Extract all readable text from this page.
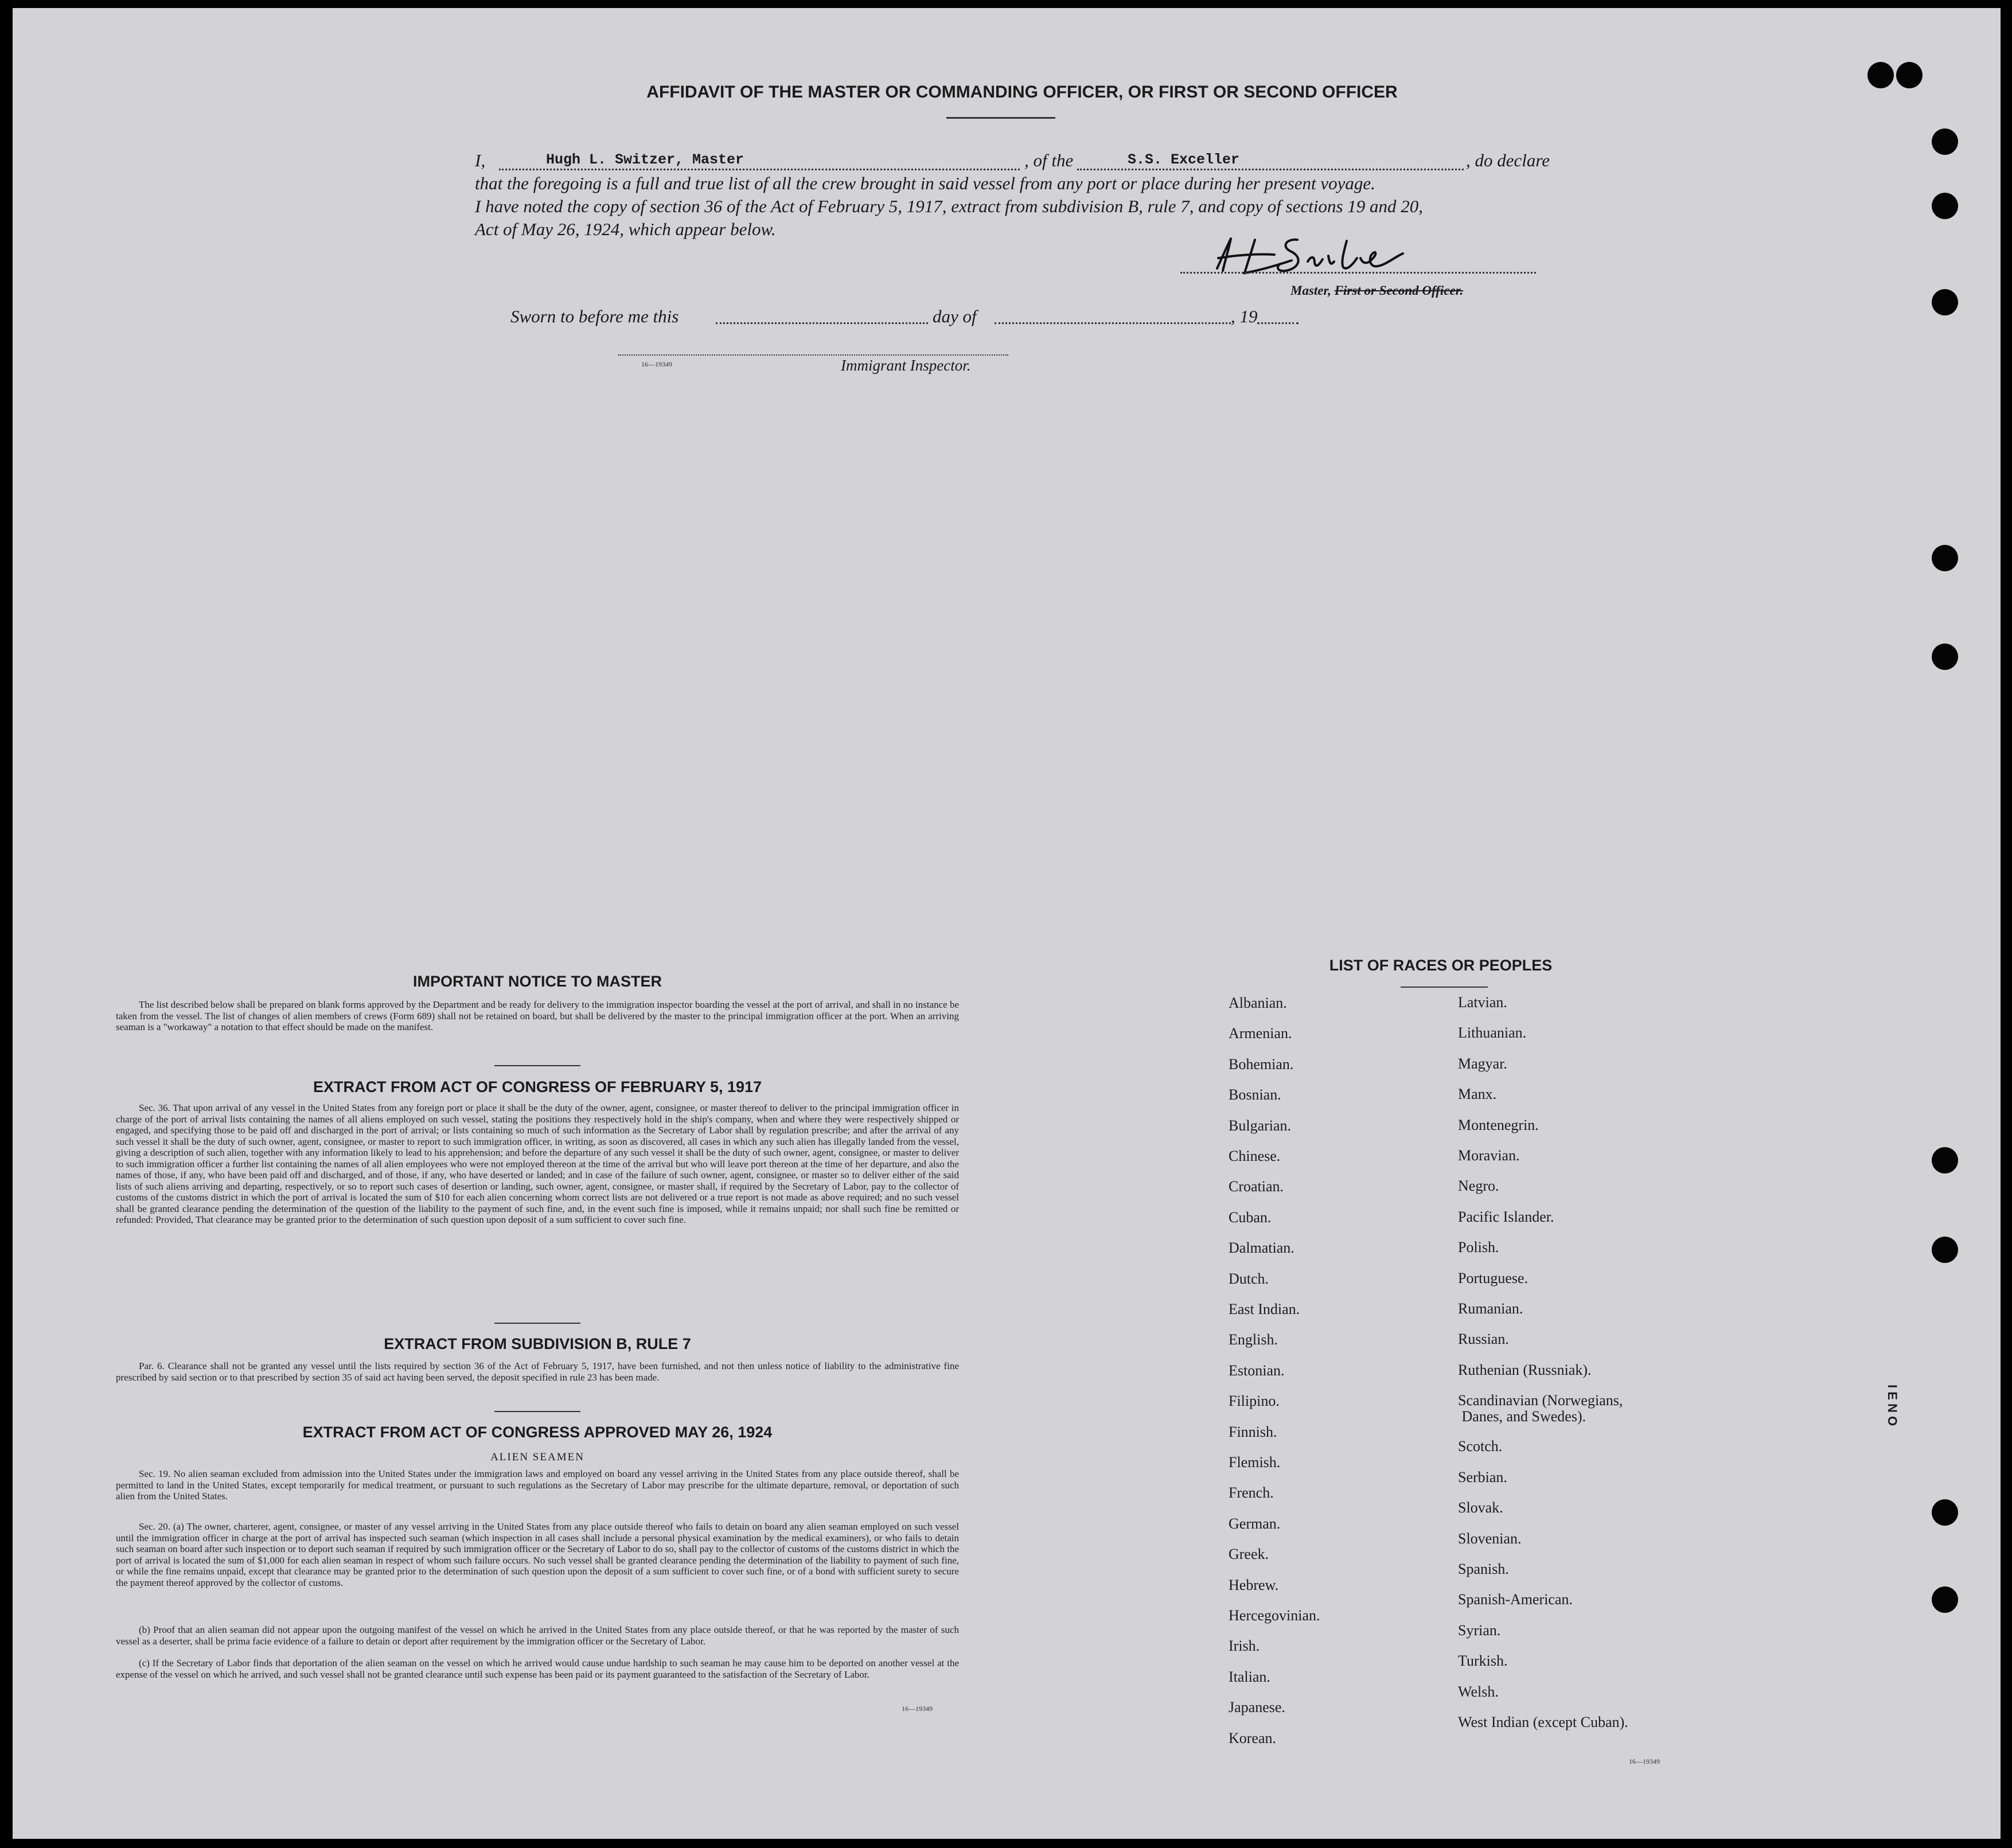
AFFIDAVIT OF THE MASTER OR COMMANDING OFFICER, OR FIRST OR SECOND OFFICER
I,	Hugh L. Switzer, Master	, of the	S.S. Exceller	, do declare
that the foregoing is a full and true list of all the crew brought in said vessel from any port or place during her present voyage.
I have noted the copy of section 36 of the Act of February 5, 1917, extract from subdivision B, rule 7, and copy of sections 19 and 20,
Act of May 26, 1924, which appear below.
Master, First or Second Officer.
Sworn to before me this	day of	, 19
16—19349	Immigrant Inspector.
IMPORTANT NOTICE TO MASTER
The list described below shall be prepared on blank forms approved by the Department and be ready for delivery to the immigration inspector boarding the vessel at the port of arrival, and shall in no instance be taken from the vessel. The list of changes of alien members of crews (Form 689) shall not be retained on board, but shall be delivered by the master to the principal immigration officer at the port. When an arriving seaman is a "workaway" a notation to that effect should be made on the manifest.
EXTRACT FROM ACT OF CONGRESS OF FEBRUARY 5, 1917
Sec. 36. That upon arrival of any vessel in the United States from any foreign port or place it shall be the duty of the owner, agent, consignee, or master thereof to deliver to the principal immigration officer in charge of the port of arrival lists containing the names of all aliens employed on such vessel, stating the positions they respectively hold in the ship's company, when and where they were respectively shipped or engaged, and specifying those to be paid off and discharged in the port of arrival; or lists containing so much of such information as the Secretary of Labor shall by regulation prescribe; and after the arrival of any such vessel it shall be the duty of such owner, agent, consignee, or master to report to such immigration officer, in writing, as soon as discovered, all cases in which any such alien has illegally landed from the vessel, giving a description of such alien, together with any information likely to lead to his apprehension; and before the departure of any such vessel it shall be the duty of such owner, agent, consignee, or master to deliver to such immigration officer a further list containing the names of all alien employees who were not employed thereon at the time of the arrival but who will leave port thereon at the time of her departure, and also the names of those, if any, who have been paid off and discharged, and of those, if any, who have deserted or landed; and in case of the failure of such owner, agent, consignee, or master so to deliver either of the said lists of such aliens arriving and departing, respectively, or so to report such cases of desertion or landing, such owner, agent, consignee, or master shall, if required by the Secretary of Labor, pay to the collector of customs of the customs district in which the port of arrival is located the sum of $10 for each alien concerning whom correct lists are not delivered or a true report is not made as above required; and no such vessel shall be granted clearance pending the determination of the question of the liability to the payment of such fine, and, in the event such fine is imposed, while it remains unpaid; nor shall such fine be remitted or refunded: Provided, That clearance may be granted prior to the determination of such question upon deposit of a sum sufficient to cover such fine.
EXTRACT FROM SUBDIVISION B, RULE 7
Par. 6. Clearance shall not be granted any vessel until the lists required by section 36 of the Act of February 5, 1917, have been furnished, and not then unless notice of liability to the administrative fine prescribed by said section or to that prescribed by section 35 of said act having been served, the deposit specified in rule 23 has been made.
EXTRACT FROM ACT OF CONGRESS APPROVED MAY 26, 1924
ALIEN SEAMEN
Sec. 19. No alien seaman excluded from admission into the United States under the immigration laws and employed on board any vessel arriving in the United States from any place outside thereof, shall be permitted to land in the United States, except temporarily for medical treatment, or pursuant to such regulations as the Secretary of Labor may prescribe for the ultimate departure, removal, or deportation of such alien from the United States.
Sec. 20. (a) The owner, charterer, agent, consignee, or master of any vessel arriving in the United States from any place outside thereof who fails to detain on board any alien seaman employed on such vessel until the immigration officer in charge at the port of arrival has inspected such seaman (which inspection in all cases shall include a personal physical examination by the medical examiners), or who fails to detain such seaman on board after such inspection or to deport such seaman if required by such immigration officer or the Secretary of Labor to do so, shall pay to the collector of customs of the customs district in which the port of arrival is located the sum of $1,000 for each alien seaman in respect of whom such failure occurs. No such vessel shall be granted clearance pending the determination of the liability to payment of such fine, or while the fine remains unpaid, except that clearance may be granted prior to the determination of such question upon the deposit of a sum sufficient to cover such fine, or of a bond with sufficient surety to secure the payment thereof approved by the collector of customs.
(b) Proof that an alien seaman did not appear upon the outgoing manifest of the vessel on which he arrived in the United States from any place outside thereof, or that he was reported by the master of such vessel as a deserter, shall be prima facie evidence of a failure to detain or deport after requirement by the immigration officer or the Secretary of Labor.
(c) If the Secretary of Labor finds that deportation of the alien seaman on the vessel on which he arrived would cause undue hardship to such seaman he may cause him to be deported on another vessel at the expense of the vessel on which he arrived, and such vessel shall not be granted clearance until such expense has been paid or its payment guaranteed to the satisfaction of the Secretary of Labor.
16—19349
LIST OF RACES OR PEOPLES
16—19349
I E N O
Albanian.
Armenian.
Bohemian.
Bosnian.
Bulgarian.
Chinese.
Croatian.
Cuban.
Dalmatian.
Dutch.
East Indian.
English.
Estonian.
Filipino.
Finnish.
Flemish.
French.
German.
Greek.
Hebrew.
Hercegovinian.
Irish.
Italian.
Japanese.
Korean.
Latvian.
Lithuanian.
Magyar.
Manx.
Montenegrin.
Moravian.
Negro.
Pacific Islander.
Polish.
Portuguese.
Rumanian.
Russian.
Ruthenian (Russniak).
Scandinavian (Norwegians,
Danes, and Swedes).
Scotch.
Serbian.
Slovak.
Slovenian.
Spanish.
Spanish-American.
Syrian.
Turkish.
Welsh.
West Indian (except Cuban).
